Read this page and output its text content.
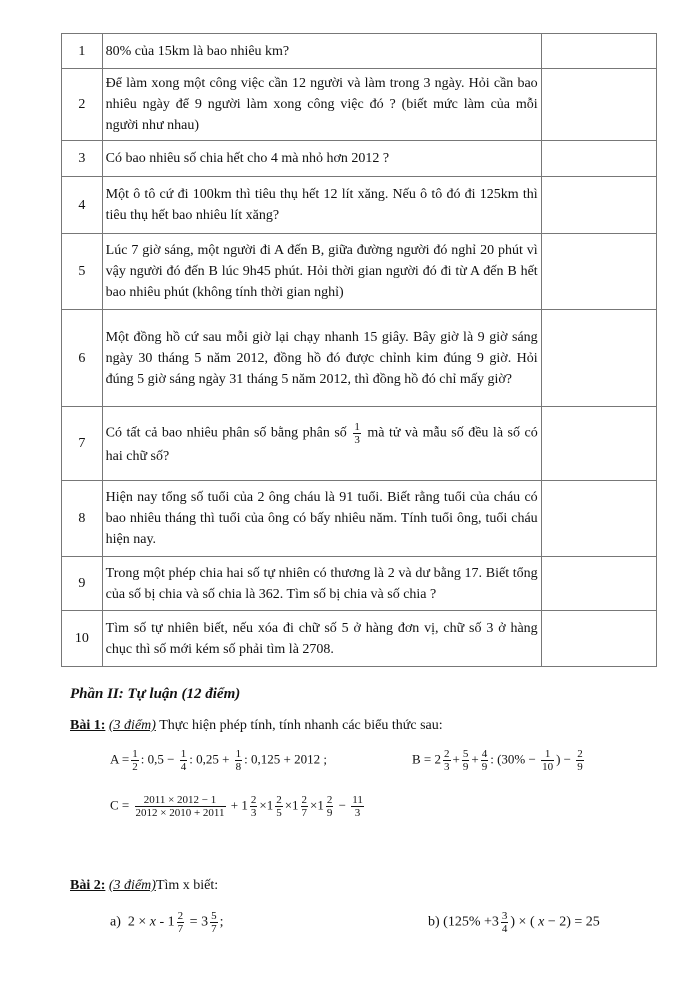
1	80% của 15km là bao nhiêu km?	
2	Để làm xong một công việc cần 12 người và làm trong 3 ngày. Hỏi cần bao nhiêu ngày để 9 người làm xong công việc đó ? (biết mức làm của mỗi người như nhau)	
3	Có bao nhiêu số chia hết cho 4 mà nhỏ hơn 2012 ?	
4	Một ô tô cứ đi 100km thì tiêu thụ hết 12 lít xăng. Nếu ô tô đó đi 125km thì tiêu thụ hết bao nhiêu lít xăng?	
5	Lúc 7 giờ sáng, một người đi A đến B, giữa đường người đó nghỉ 20 phút vì vậy người đó đến B lúc 9h45 phút. Hỏi thời gian người đó đi từ A đến B hết bao nhiêu phút (không tính thời gian nghỉ)	
6	Một đồng hồ cứ sau mỗi giờ lại chạy nhanh 15 giây. Bây giờ là 9 giờ sáng ngày 30 tháng 5 năm 2012, đồng hồ đó được chỉnh kim đúng 9 giờ. Hỏi đúng 5 giờ sáng ngày 31 tháng 5 năm 2012, thì đồng hồ đó chỉ mấy giờ?	
7	Có tất cả bao nhiêu phân số bằng phân số $\frac{1}{3}$ mà tử và mẫu số đều là số có hai chữ số?	
8	Hiện nay tổng số tuổi của 2 ông cháu là 91 tuổi. Biết rằng tuổi của cháu có bao nhiêu tháng thì tuổi của ông có bấy nhiêu năm. Tính tuổi ông, tuổi cháu hiện nay.	
9	Trong một phép chia hai số tự nhiên có thương là 2 và dư bằng 17. Biết tổng của số bị chia và số chia là 362. Tìm số bị chia và số chia ?	
10	Tìm số tự nhiên biết, nếu xóa đi chữ số 5 ở hàng đơn vị, chữ số 3 ở hàng chục thì số mới kém số phải tìm là 2708.	
Phần II: Tự luận (12 điểm)
Bài 1: (3 điểm) Thực hiện phép tính, tính nhanh các biểu thức sau:
$A = \frac{1}{2}$ : $0,5 - \frac{1}{4}$ : $0,25 + \frac{1}{8}$ : 0,125 + 2012 ;	$B = 2 \frac{2}{3} + \frac{5}{9} + \frac{4}{9}$ : ($30\% - \frac{1}{10}$ ) − $\frac{2}{9}$
$C = \frac{2011 \times 2012 - 1}{2012 \times 2010 + 2011} + 1 \frac{2}{3} \times 1 \frac{2}{5} \times 1 \frac{2}{7} \times 1 \frac{2}{9} - \frac{11}{3}$
Bài 2: (3 điểm)Tìm x biết:
a)  $2 \times x - 1 \frac{2}{7} = 3 \frac{5}{7}$ ;	b) ($125\% +3 \frac{3}{4}$ ) × ( x − 2) = 25
